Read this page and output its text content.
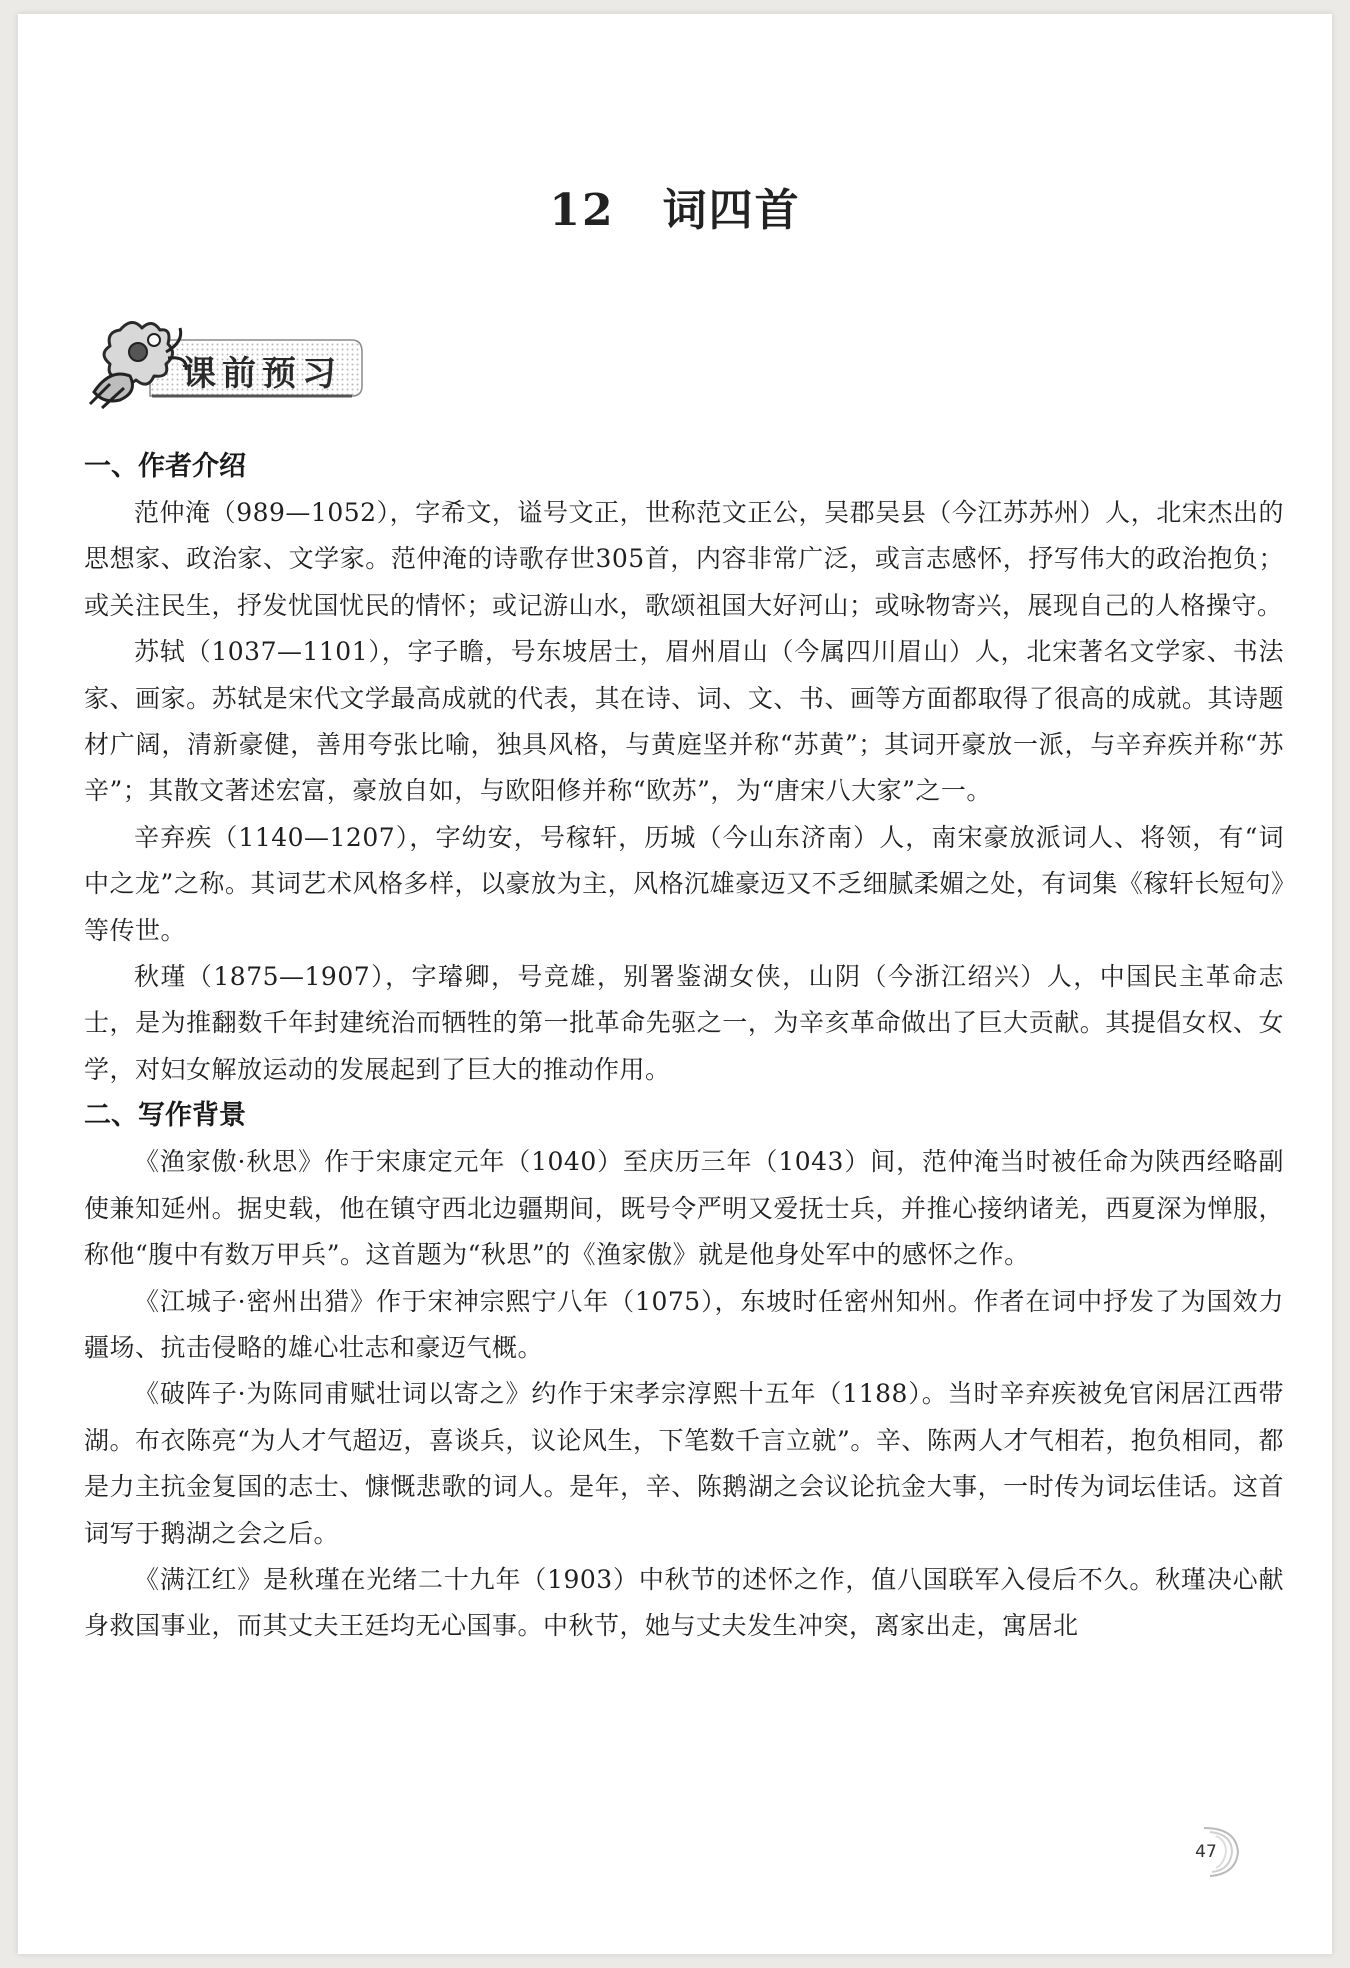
12 词四首
课前预习
一、作者介绍

范仲淹（989—1052），字希文，谥号文正，世称范文正公，吴郡吴县（今江苏苏州）人，北宋杰出的思想家、政治家、文学家。范仲淹的诗歌存世305首，内容非常广泛，或言志感怀，抒写伟大的政治抱负；或关注民生，抒发忧国忧民的情怀；或记游山水，歌颂祖国大好河山；或咏物寄兴，展现自己的人格操守。

苏轼（1037—1101），字子瞻，号东坡居士，眉州眉山（今属四川眉山）人，北宋著名文学家、书法家、画家。苏轼是宋代文学最高成就的代表，其在诗、词、文、书、画等方面都取得了很高的成就。其诗题材广阔，清新豪健，善用夸张比喻，独具风格，与黄庭坚并称“苏黄”；其词开豪放一派，与辛弃疾并称“苏辛”；其散文著述宏富，豪放自如，与欧阳修并称“欧苏”，为“唐宋八大家”之一。

辛弃疾（1140—1207），字幼安，号稼轩，历城（今山东济南）人，南宋豪放派词人、将领，有“词中之龙”之称。其词艺术风格多样，以豪放为主，风格沉雄豪迈又不乏细腻柔媚之处，有词集《稼轩长短句》等传世。

秋瑾（1875—1907），字璿卿，号竞雄，别署鉴湖女侠，山阴（今浙江绍兴）人，中国民主革命志士，是为推翻数千年封建统治而牺牲的第一批革命先驱之一，为辛亥革命做出了巨大贡献。其提倡女权、女学，对妇女解放运动的发展起到了巨大的推动作用。

二、写作背景

《渔家傲·秋思》作于宋康定元年（1040）至庆历三年（1043）间，范仲淹当时被任命为陕西经略副使兼知延州。据史载，他在镇守西北边疆期间，既号令严明又爱抚士兵，并推心接纳诸羌，西夏深为惮服，称他“腹中有数万甲兵”。这首题为“秋思”的《渔家傲》就是他身处军中的感怀之作。

《江城子·密州出猎》作于宋神宗熙宁八年（1075），东坡时任密州知州。作者在词中抒发了为国效力疆场、抗击侵略的雄心壮志和豪迈气概。

《破阵子·为陈同甫赋壮词以寄之》约作于宋孝宗淳熙十五年（1188）。当时辛弃疾被免官闲居江西带湖。布衣陈亮“为人才气超迈，喜谈兵，议论风生，下笔数千言立就”。辛、陈两人才气相若，抱负相同，都是力主抗金复国的志士、慷慨悲歌的词人。是年，辛、陈鹅湖之会议论抗金大事，一时传为词坛佳话。这首词写于鹅湖之会之后。

《满江红》是秋瑾在光绪二十九年（1903）中秋节的述怀之作，值八国联军入侵后不久。秋瑾决心献身救国事业，而其丈夫王廷均无心国事。中秋节，她与丈夫发生冲突，离家出走，寓居北

47
